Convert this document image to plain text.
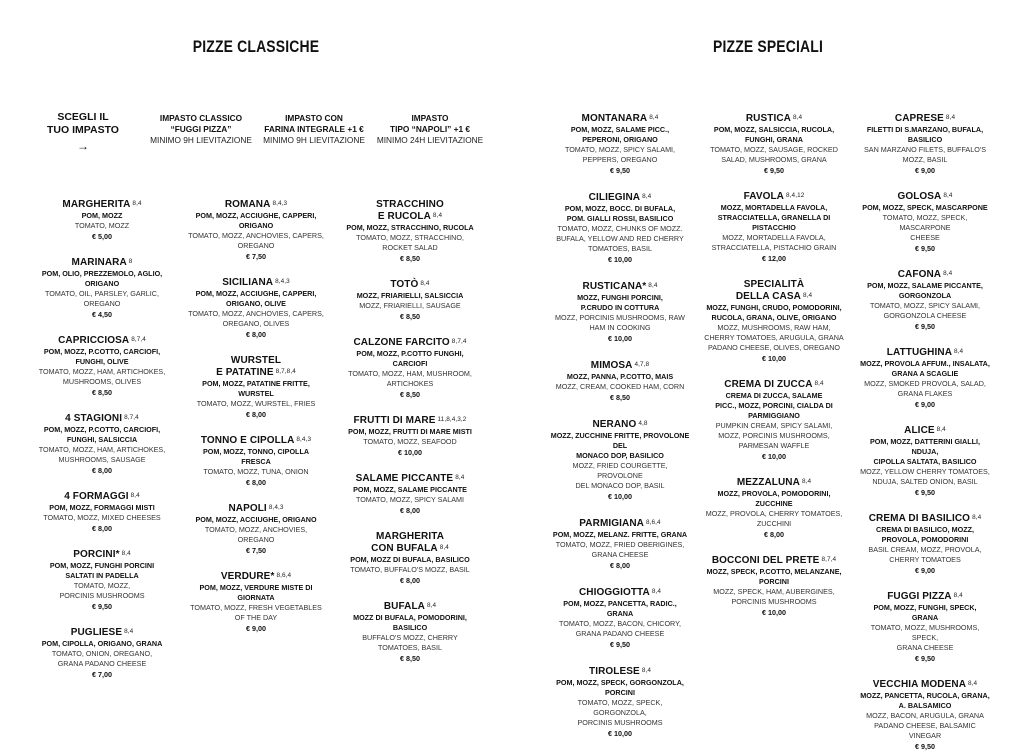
PIZZE CLASSICHE	PIZZE SPECIALI
SCEGLI IL
TUO IMPASTO
→
IMPASTO CLASSICO
“FUGGI PIZZA”
MINIMO 9H LIEVITAZIONE
IMPASTO CON
FARINA INTEGRALE +1 €
MINIMO 9H LIEVITAZIONE
IMPASTO
TIPO “NAPOLI” +1 €
MINIMO 24H LIEVITAZIONE
MARGHERITA $^{8,4}$
POM, MOZZ
TOMATO, MOZZ
€ 5,00
MARINARA $^8$
POM, OLIO, PREZZEMOLO, AGLIO,
ORIGANO
TOMATO, OIL, PARSLEY, GARLIC,
OREGANO
€ 4,50
CAPRICCIOSA $^{8,7,4}$
POM, MOZZ, P.COTTO, CARCIOFI,
FUNGHI, OLIVE
TOMATO, MOZZ, HAM, ARTICHOKES,
MUSHROOMS, OLIVES
€ 8,50
4 STAGIONI $^{8,7,4}$
POM, MOZZ, P.COTTO, CARCIOFI,
FUNGHI, SALSICCIA
TOMATO, MOZZ, HAM, ARTICHOKES,
MUSHROOMS, SAUSAGE
€ 8,00
4 FORMAGGI $^{8,4}$
POM, MOZZ, FORMAGGI MISTI
TOMATO, MOZZ, MIXED CHEESES
€ 8,00
PORCINI* $^{8,4}$
POM, MOZZ, FUNGHI PORCINI
SALTATI IN PADELLA
TOMATO, MOZZ,
PORCINIS MUSHROOMS
€ 9,50
PUGLIESE $^{8,4}$
POM, CIPOLLA, ORIGANO, GRANA
TOMATO, ONION, OREGANO,
GRANA PADANO CHEESE
€ 7,00
ROMANA $^{8,4,3}$
POM, MOZZ, ACCIUGHE, CAPPERI,
ORIGANO
TOMATO, MOZZ, ANCHOVIES, CAPERS,
OREGANO
€ 7,50
SICILIANA $^{8,4,3}$
POM, MOZZ, ACCIUGHE, CAPPERI,
ORIGANO, OLIVE
TOMATO, MOZZ, ANCHOVIES, CAPERS,
OREGANO, OLIVES
€ 8,00
WURSTEL
E PATATINE $^{8,7,8,4}$
POM, MOZZ, PATATINE FRITTE,
WURSTEL
TOMATO, MOZZ, WURSTEL, FRIES
€ 8,00
TONNO E CIPOLLA $^{8,4,3}$
POM, MOZZ, TONNO, CIPOLLA
FRESCA
TOMATO, MOZZ, TUNA, ONION
€ 8,00
NAPOLI $^{8,4,3}$
POM, MOZZ, ACCIUGHE, ORIGANO
TOMATO, MOZZ, ANCHOVIES,
OREGANO
€ 7,50
VERDURE* $^{8,6,4}$
POM, MOZZ, VERDURE MISTE DI
GIORNATA
TOMATO, MOZZ, FRESH VEGETABLES
OF THE DAY
€ 9,00
STRACCHINO
E RUCOLA $^{8,4}$
POM, MOZZ, STRACCHINO, RUCOLA
TOMATO, MOZZ, STRACCHINO,
ROCKET SALAD
€ 8,50
TOTÒ $^{8,4}$
MOZZ, FRIARIELLI, SALSICCIA
MOZZ, FRIARIELLI, SAUSAGE
€ 8,50
CALZONE FARCITO $^{8,7,4}$
POM, MOZZ, P.COTTO FUNGHI,
CARCIOFI
TOMATO, MOZZ, HAM, MUSHROOM,
ARTICHOKES
€ 8,50
FRUTTI DI MARE $^{11,8,4,3,2}$
POM, MOZZ, FRUTTI DI MARE MISTI
TOMATO, MOZZ, SEAFOOD
€ 10,00
SALAME PICCANTE $^{8,4}$
POM, MOZZ, SALAME PICCANTE
TOMATO, MOZZ, SPICY SALAMI
€ 8,00
MARGHERITA
CON BUFALA $^{8,4}$
POM, MOZZ DI BUFALA, BASILICO
TOMATO, BUFFALO'S MOZZ, BASIL
€ 8,00
BUFALA $^{8,4}$
MOZZ DI BUFALA, POMODORINI,
BASILICO
BUFFALO'S MOZZ, CHERRY
TOMATOES, BASIL
€ 8,50
MONTANARA $^{8,4}$
POM, MOZZ, SALAME PICC.,
PEPERONI, ORIGANO
TOMATO, MOZZ, SPICY SALAMI,
PEPPERS, OREGANO
€ 9,50
CILIEGINA $^{8,4}$
POM, MOZZ, BOCC. DI BUFALA,
POM. GIALLI ROSSI, BASILICO
TOMATO, MOZZ, CHUNKS OF MOZZ.
BUFALA, YELLOW AND RED CHERRY
TOMATOES, BASIL
€ 10,00
RUSTICANA* $^{8,4}$
MOZZ, FUNGHI PORCINI,
P.CRUDO IN COTTURA
MOZZ, PORCINIS MUSHROOMS, RAW
HAM IN COOKING
€ 10,00
MIMOSA $^{4,7,8}$
MOZZ, PANNA, P.COTTO, MAIS
MOZZ, CREAM, COOKED HAM, CORN
€ 8,50
NERANO $^{4,8}$
MOZZ, ZUCCHINE FRITTE, PROVOLONE DEL
MONACO DOP, BASILICO
MOZZ, FRIED COURGETTE, PROVOLONE
DEL MONACO DOP, BASIL
€ 10,00
PARMIGIANA $^{8,6,4}$
POM, MOZZ, MELANZ. FRITTE, GRANA
TOMATO, MOZZ, FRIED OBERIGINES,
GRANA CHEESE
€ 8,00
CHIOGGIOTTA $^{8,4}$
POM, MOZZ, PANCETTA, RADIC., GRANA
TOMATO, MOZZ, BACON, CHICORY,
GRANA PADANO CHEESE
€ 9,50
TIROLESE $^{8,4}$
POM, MOZZ, SPECK, GORGONZOLA,
PORCINI
TOMATO, MOZZ, SPECK, GORGONZOLA,
PORCINIS MUSHROOMS
€ 10,00
RUSTICA $^{8,4}$
POM, MOZZ, SALSICCIA, RUCOLA,
FUNGHI, GRANA
TOMATO, MOZZ, SAUSAGE, ROCKED
SALAD, MUSHROOMS, GRANA
€ 9,50
FAVOLA $^{8,4,12}$
MOZZ, MORTADELLA FAVOLA,
STRACCIATELLA, GRANELLA DI
PISTACCHIO
MOZZ, MORTADELLA FAVOLA,
STRACCIATELLA, PISTACHIO GRAIN
€ 12,00
SPECIALITÀ
DELLA CASA $^{8,4}$
MOZZ, FUNGHI, CRUDO, POMODORINI,
RUCOLA, GRANA, OLIVE, ORIGANO
MOZZ, MUSHROOMS, RAW HAM,
CHERRY TOMATOES, ARUGULA, GRANA
PADANO CHEESE, OLIVES, OREGANO
€ 10,00
CREMA DI ZUCCA $^{8,4}$
CREMA DI ZUCCA, SALAME
PICC., MOZZ, PORCINI, CIALDA DI
PARMIGGIANO
PUMPKIN CREAM, SPICY SALAMI,
MOZZ, PORCINIS MUSHROOMS,
PARMESAN WAFFLE
€ 10,00
MEZZALUNA $^{8,4}$
MOZZ, PROVOLA, POMODORINI,
ZUCCHINE
MOZZ, PROVOLA, CHERRY TOMATOES,
ZUCCHINI
€ 8,00
BOCCONI DEL PRETE $^{8,7,4}$
MOZZ, SPECK, P.COTTO, MELANZANE,
PORCINI
MOZZ, SPECK, HAM, AUBERGINES,
PORCINIS MUSHROOMS
€ 10,00
CAPRESE $^{8,4}$
FILETTI DI S.MARZANO, BUFALA,
BASILICO
SAN MARZANO FILETS, BUFFALO'S
MOZZ, BASIL
€ 9,00
GOLOSA $^{8,4}$
POM, MOZZ, SPECK, MASCARPONE
TOMATO, MOZZ, SPECK, MASCARPONE
CHEESE
€ 9,50
CAFONA $^{8,4}$
POM, MOZZ, SALAME PICCANTE,
GORGONZOLA
TOMATO, MOZZ, SPICY SALAMI,
GORGONZOLA CHEESE
€ 9,50
LATTUGHINA $^{8,4}$
MOZZ, PROVOLA AFFUM., INSALATA,
GRANA A SCAGLIE
MOZZ, SMOKED PROVOLA, SALAD,
GRANA FLAKES
€ 9,00
ALICE $^{8,4}$
POM, MOZZ, DATTERINI GIALLI, NDUJA,
CIPOLLA SALTATA, BASILICO
MOZZ, YELLOW CHERRY TOMATOES,
NDUJA, SALTED ONION, BASIL
€ 9,50
CREMA DI BASILICO $^{8,4}$
CREMA DI BASILICO, MOZZ,
PROVOLA, POMODORINI
BASIL CREAM, MOZZ, PROVOLA,
CHERRY TOMATOES
€ 9,00
FUGGI PIZZA $^{8,4}$
POM, MOZZ, FUNGHI, SPECK, GRANA
TOMATO, MOZZ, MUSHROOMS, SPECK,
GRANA CHEESE
€ 9,50
VECCHIA MODENA $^{8,4}$
MOZZ, PANCETTA, RUCOLA, GRANA,
A. BALSAMICO
MOZZ, BACON, ARUGULA, GRANA
PADANO CHEESE, BALSAMIC VINEGAR
€ 9,50
